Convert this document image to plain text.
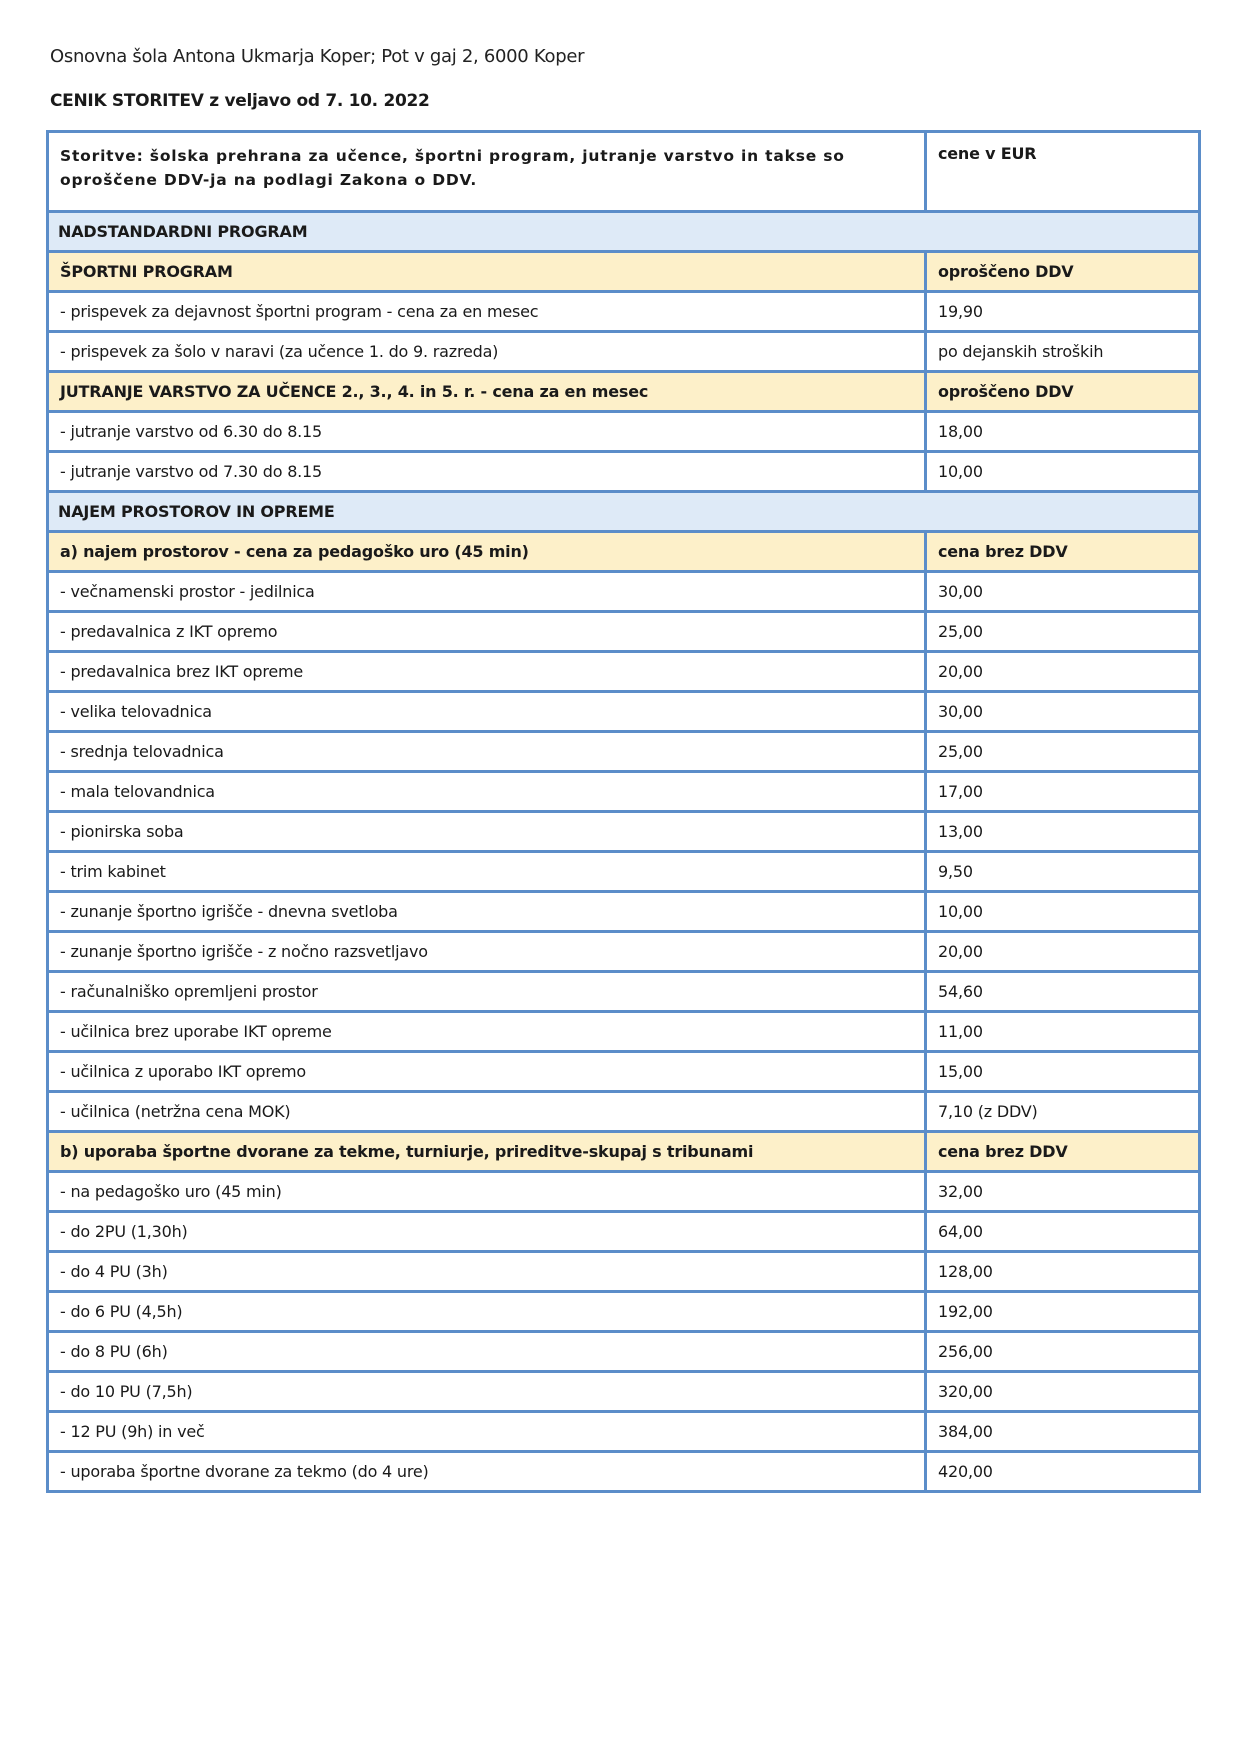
Osnovna šola Antona Ukmarja Koper; Pot v gaj 2, 6000 Koper
CENIK STORITEV z veljavo od 7. 10. 2022
Storitve: šolska prehrana za učence, športni program, jutranje varstvo in takse so oproščene DDV-ja na podlagi Zakona o DDV.	cene v EUR
NADSTANDARDNI PROGRAM	
ŠPORTNI PROGRAM	oproščeno DDV
- prispevek za dejavnost športni program - cena za en mesec	19,90
- prispevek za šolo v naravi (za učence 1. do 9. razreda)	po dejanskih stroških
JUTRANJE VARSTVO ZA UČENCE 2., 3., 4. in 5. r. - cena za en mesec	oproščeno DDV
- jutranje varstvo od 6.30 do 8.15	18,00
- jutranje varstvo od 7.30 do 8.15	10,00
NAJEM PROSTOROV IN OPREME	
a) najem prostorov - cena za pedagoško uro (45 min)	cena brez DDV
- večnamenski prostor - jedilnica	30,00
- predavalnica z IKT opremo	25,00
- predavalnica brez IKT opreme	20,00
- velika telovadnica	30,00
- srednja telovadnica	25,00
- mala telovandnica	17,00
- pionirska soba	13,00
- trim kabinet	9,50
- zunanje športno igrišče - dnevna svetloba	10,00
- zunanje športno igrišče - z nočno razsvetljavo	20,00
- računalniško opremljeni prostor	54,60
- učilnica brez uporabe IKT opreme	11,00
- učilnica z uporabo IKT opremo	15,00
- učilnica (netržna cena MOK)	7,10 (z DDV)
b) uporaba športne dvorane za tekme, turniurje, prireditve-skupaj s tribunami	cena brez DDV
- na pedagoško uro (45 min)	32,00
- do 2PU (1,30h)	64,00
- do 4 PU (3h)	128,00
- do 6 PU (4,5h)	192,00
- do 8 PU (6h)	256,00
- do 10 PU (7,5h)	320,00
- 12 PU (9h) in več	384,00
- uporaba športne dvorane za tekmo (do 4 ure)	420,00
